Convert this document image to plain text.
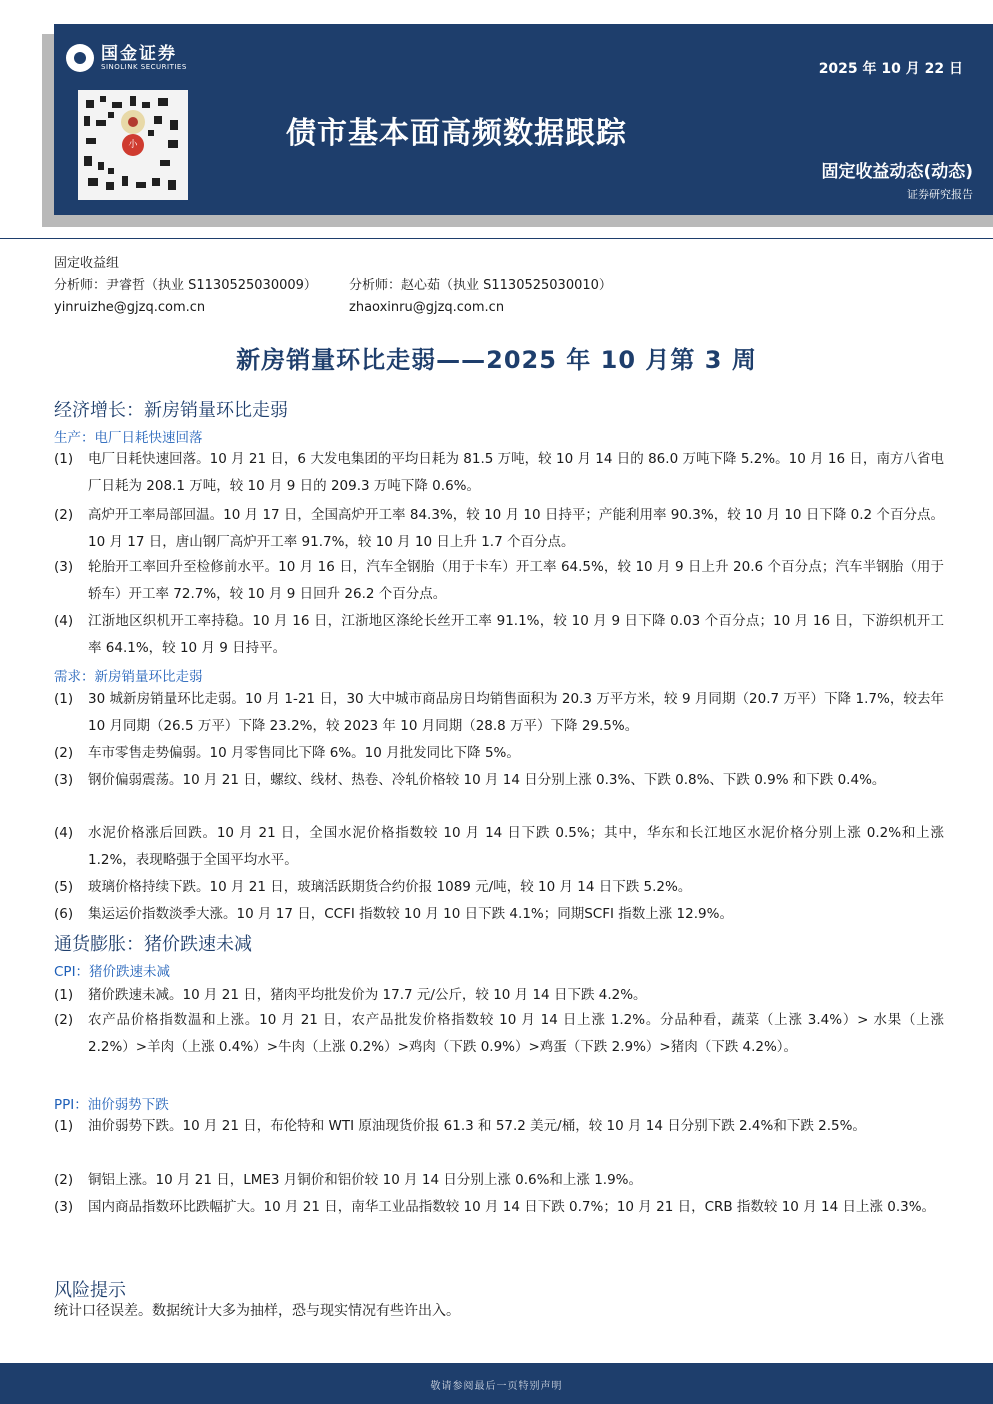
国金证券
SINOLINK SECURITIES
小
2025 年 10 月 22 日
债市基本面高频数据跟踪
固定收益动态(动态)
证券研究报告
固定收益组
分析师：尹睿哲（执业 S1130525030009）	分析师：赵心茹（执业 S1130525030010）
yinruizhe@gjzq.com.cn	zhaoxinru@gjzq.com.cn
新房销量环比走弱——2025 年 10 月第 3 周
经济增长：新房销量环比走弱
生产：电厂日耗快速回落
(1) 电厂日耗快速回落。10 月 21 日，6 大发电集团的平均日耗为 81.5 万吨，较 10 月 14 日的 86.0 万吨下降 5.2%。10 月 16 日，南方八省电厂日耗为 208.1 万吨，较 10 月 9 日的 209.3 万吨下降 0.6%。
(2) 高炉开工率局部回温。10 月 17 日，全国高炉开工率 84.3%，较 10 月 10 日持平；产能利用率 90.3%，较 10 月 10 日下降 0.2 个百分点。10 月 17 日，唐山钢厂高炉开工率 91.7%，较 10 月 10 日上升 1.7 个百分点。
(3) 轮胎开工率回升至检修前水平。10 月 16 日，汽车全钢胎（用于卡车）开工率 64.5%，较 10 月 9 日上升 20.6 个百分点；汽车半钢胎（用于轿车）开工率 72.7%，较 10 月 9 日回升 26.2 个百分点。
(4) 江浙地区织机开工率持稳。10 月 16 日，江浙地区涤纶长丝开工率 91.1%，较 10 月 9 日下降 0.03 个百分点；10 月 16 日，下游织机开工率 64.1%，较 10 月 9 日持平。
需求：新房销量环比走弱
(1) 30 城新房销量环比走弱。10 月 1-21 日，30 大中城市商品房日均销售面积为 20.3 万平方米，较 9 月同期（20.7 万平）下降 1.7%，较去年 10 月同期（26.5 万平）下降 23.2%，较 2023 年 10 月同期（28.8 万平）下降 29.5%。
(2) 车市零售走势偏弱。10 月零售同比下降 6%。10 月批发同比下降 5%。
(3) 钢价偏弱震荡。10 月 21 日，螺纹、线材、热卷、冷轧价格较 10 月 14 日分别上涨 0.3%、下跌 0.8%、下跌 0.9% 和下跌 0.4%。
(4) 水泥价格涨后回跌。10 月 21 日，全国水泥价格指数较 10 月 14 日下跌 0.5%；其中，华东和长江地区水泥价格分别上涨 0.2%和上涨 1.2%，表现略强于全国平均水平。
(5) 玻璃价格持续下跌。10 月 21 日，玻璃活跃期货合约价报 1089 元/吨，较 10 月 14 日下跌 5.2%。
(6) 集运运价指数淡季大涨。10 月 17 日，CCFI 指数较 10 月 10 日下跌 4.1%；同期SCFI 指数上涨 12.9%。
通货膨胀：猪价跌速未减
CPI：猪价跌速未减
(1) 猪价跌速未减。10 月 21 日，猪肉平均批发价为 17.7 元/公斤，较 10 月 14 日下跌 4.2%。
(2) 农产品价格指数温和上涨。10 月 21 日，农产品批发价格指数较 10 月 14 日上涨 1.2%。分品种看，蔬菜（上涨 3.4%）> 水果（上涨 2.2%）>羊肉（上涨 0.4%）>牛肉（上涨 0.2%）>鸡肉（下跌 0.9%）>鸡蛋（下跌 2.9%）>猪肉（下跌 4.2%）。
PPI：油价弱势下跌
(1) 油价弱势下跌。10 月 21 日，布伦特和 WTI 原油现货价报 61.3 和 57.2 美元/桶，较 10 月 14 日分别下跌 2.4%和下跌 2.5%。
(2) 铜铝上涨。10 月 21 日，LME3 月铜价和铝价较 10 月 14 日分别上涨 0.6%和上涨 1.9%。
(3) 国内商品指数环比跌幅扩大。10 月 21 日，南华工业品指数较 10 月 14 日下跌 0.7%；10 月 21 日，CRB 指数较 10 月 14 日上涨 0.3%。
风险提示
统计口径误差。数据统计大多为抽样，恐与现实情况有些许出入。
敬请参阅最后一页特别声明
